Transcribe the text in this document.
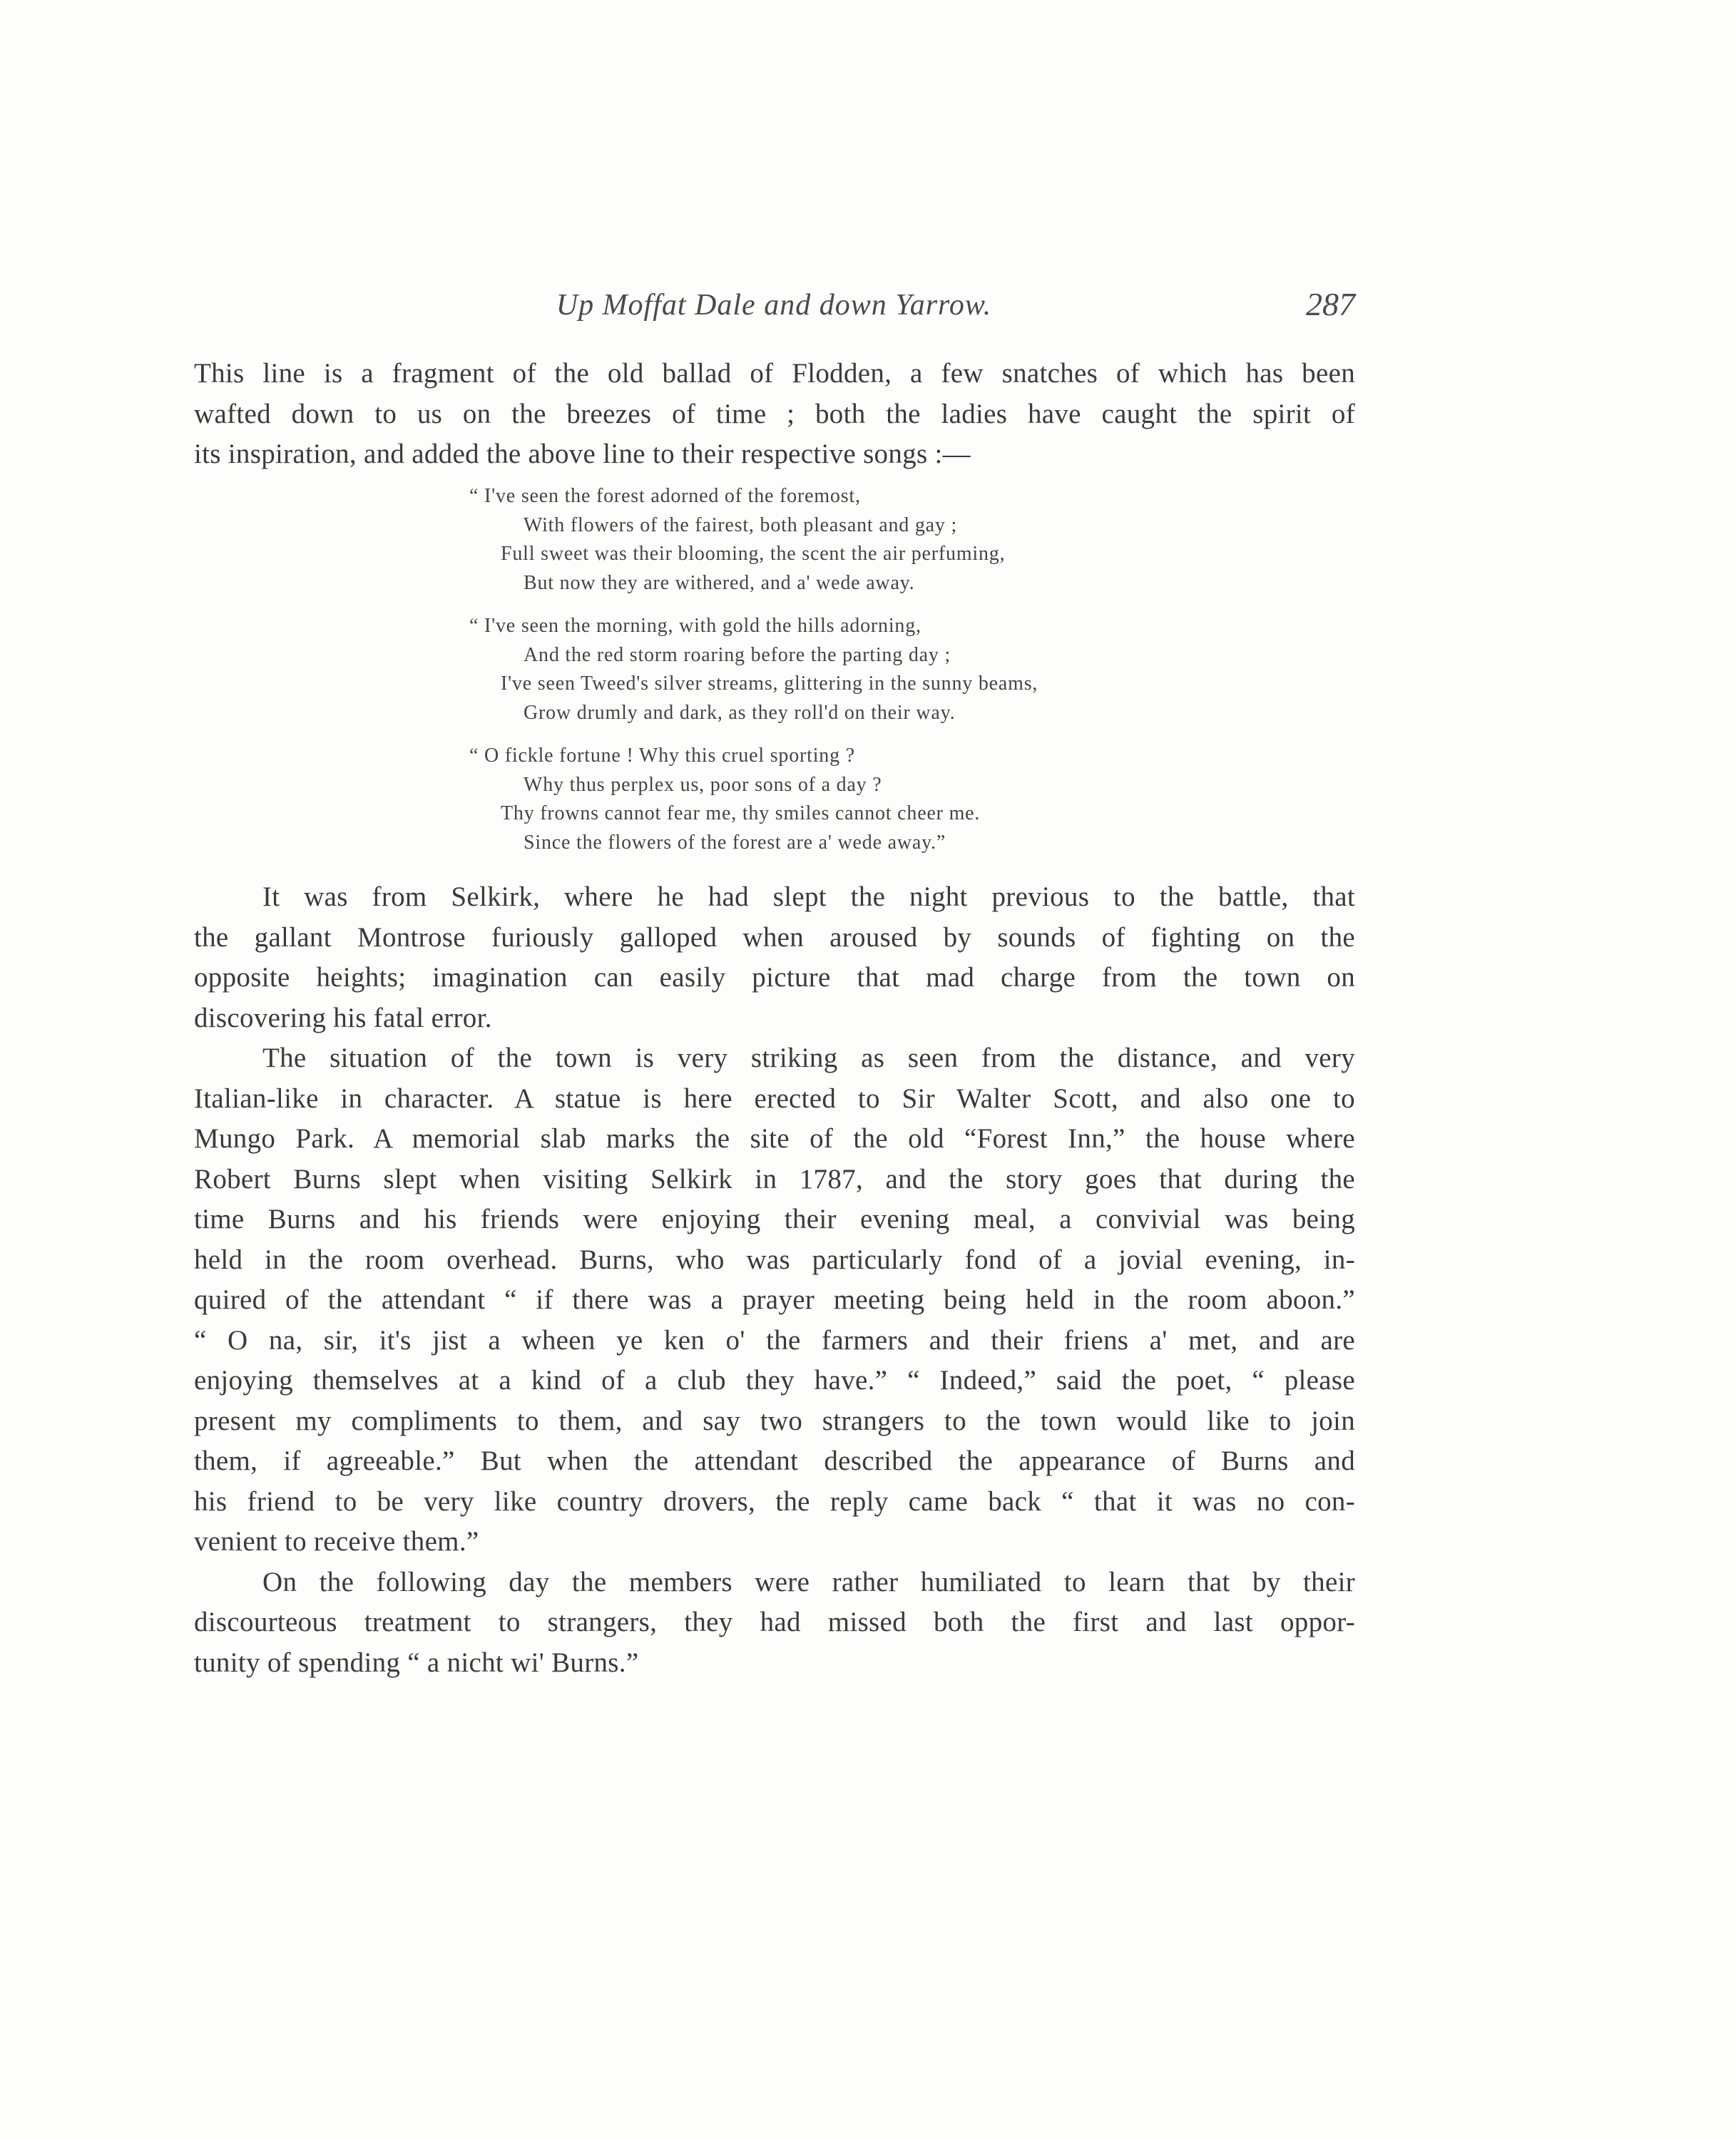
Up Moffat Dale and down Yarrow.	287
This line is a fragment of the old ballad of Flodden, a few snatches of which has been
wafted down to us on the breezes of time ; both the ladies have caught the spirit of
its inspiration, and added the above line to their respective songs :—
“ I've seen the forest adorned of the foremost,
With flowers of the fairest, both pleasant and gay ;
Full sweet was their blooming, the scent the air perfuming,
But now they are withered, and a' wede away.
“ I've seen the morning, with gold the hills adorning,
And the red storm roaring before the parting day ;
I've seen Tweed's silver streams, glittering in the sunny beams,
Grow drumly and dark, as they roll'd on their way.
“ O fickle fortune ! Why this cruel sporting ?
Why thus perplex us, poor sons of a day ?
Thy frowns cannot fear me, thy smiles cannot cheer me.
Since the flowers of the forest are a' wede away.”
It was from Selkirk, where he had slept the night previous to the battle, that
the gallant Montrose furiously galloped when aroused by sounds of fighting on the
opposite heights; imagination can easily picture that mad charge from the town on
discovering his fatal error.
The situation of the town is very striking as seen from the distance, and very
Italian-like in character. A statue is here erected to Sir Walter Scott, and also one to
Mungo Park. A memorial slab marks the site of the old “Forest Inn,” the house where
Robert Burns slept when visiting Selkirk in 1787, and the story goes that during the
time Burns and his friends were enjoying their evening meal, a convivial was being
held in the room overhead. Burns, who was particularly fond of a jovial evening, in-
quired of the attendant “ if there was a prayer meeting being held in the room aboon.”
“ O na, sir, it's jist a wheen ye ken o' the farmers and their friens a' met, and are
enjoying themselves at a kind of a club they have.” “ Indeed,” said the poet, “ please
present my compliments to them, and say two strangers to the town would like to join
them, if agreeable.” But when the attendant described the appearance of Burns and
his friend to be very like country drovers, the reply came back “ that it was no con-
venient to receive them.”
On the following day the members were rather humiliated to learn that by their
discourteous treatment to strangers, they had missed both the first and last oppor-
tunity of spending “ a nicht wi' Burns.”
